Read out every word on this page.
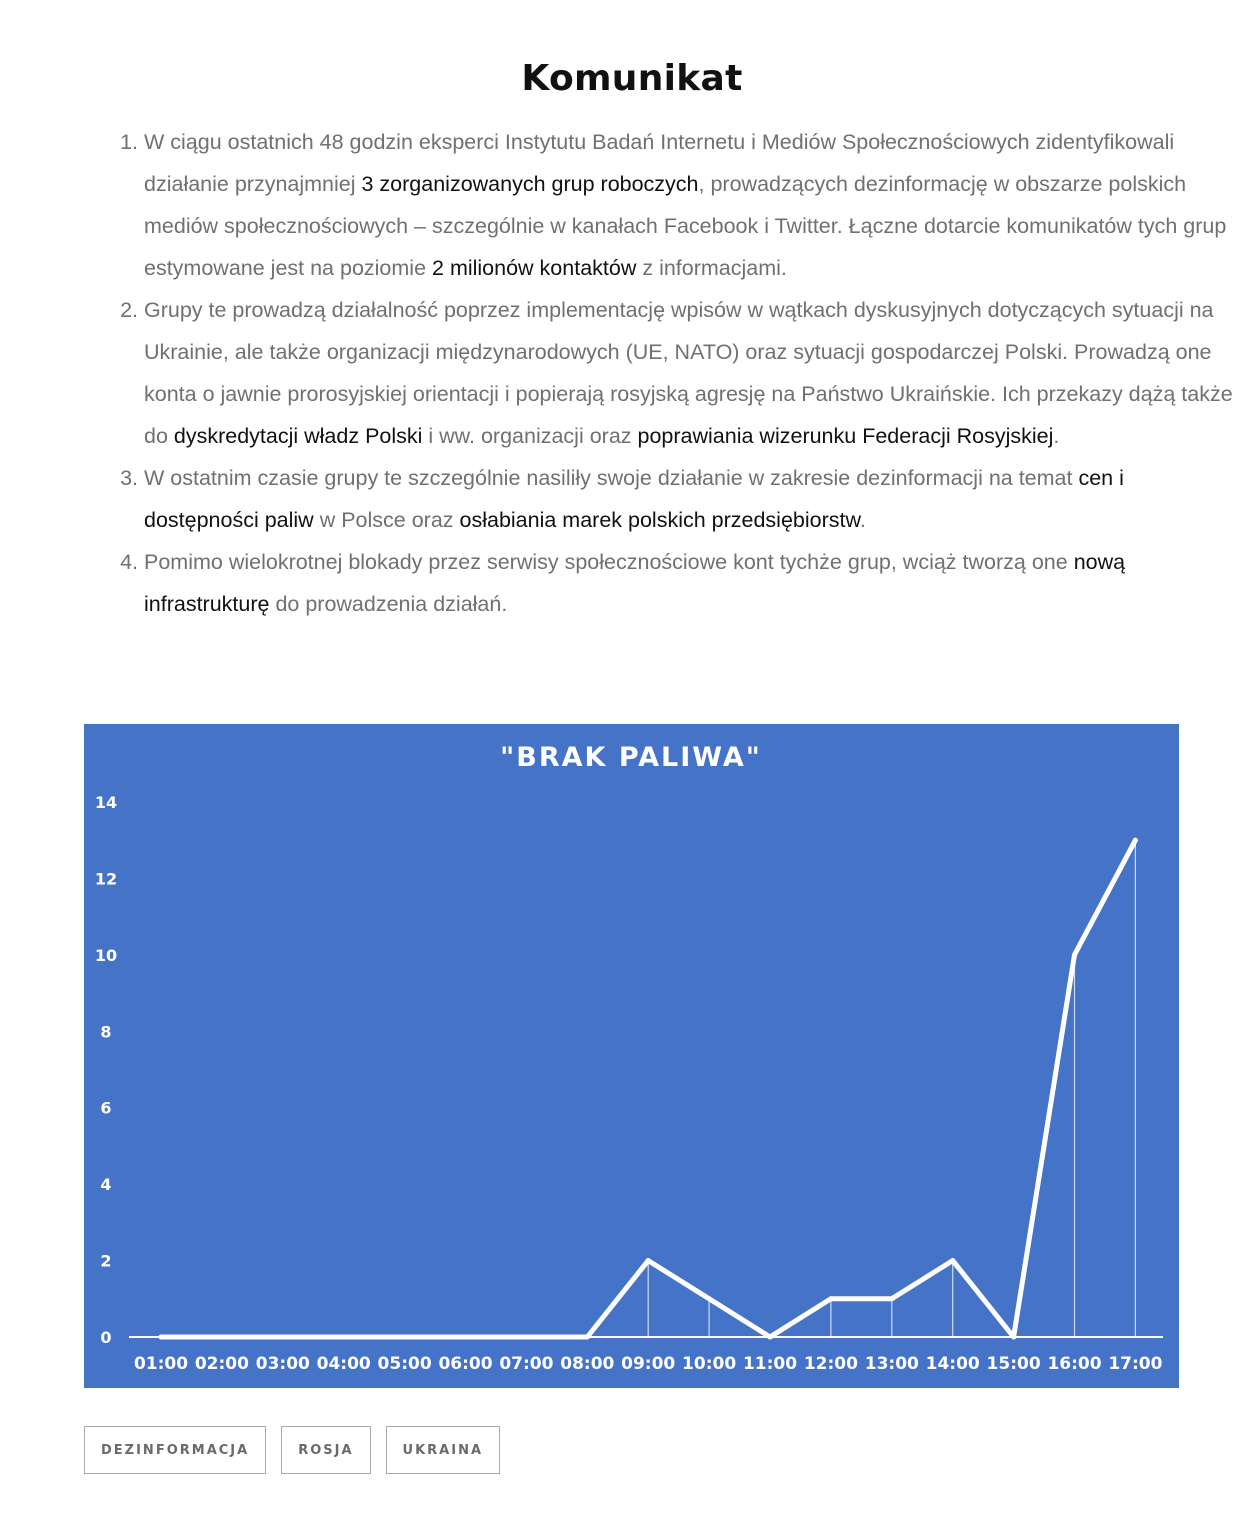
Komunikat
1. W ciągu ostatnich 48 godzin eksperci Instytutu Badań Internetu i Mediów Społecznościowych zidentyfikowali działanie przynajmniej 3 zorganizowanych grup roboczych, prowadzących dezinformację w obszarze polskich mediów społecznościowych – szczególnie w kanałach Facebook i Twitter. Łączne dotarcie komunikatów tych grup estymowane jest na poziomie 2 milionów kontaktów z informacjami.
2. Grupy te prowadzą działalność poprzez implementację wpisów w wątkach dyskusyjnych dotyczących sytuacji na Ukrainie, ale także organizacji międzynarodowych (UE, NATO) oraz sytuacji gospodarczej Polski. Prowadzą one konta o jawnie prorosyjskiej orientacji i popierają rosyjską agresję na Państwo Ukraińskie. Ich przekazy dążą także do dyskredytacji władz Polski i ww. organizacji oraz poprawiania wizerunku Federacji Rosyjskiej.
3. W ostatnim czasie grupy te szczególnie nasiliły swoje działanie w zakresie dezinformacji na temat cen i dostępności paliw w Polsce oraz osłabiania marek polskich przedsiębiorstw.
4. Pomimo wielokrotnej blokady przez serwisy społecznościowe kont tychże grup, wciąż tworzą one nową infrastrukturę do prowadzenia działań.
"BRAK PALIWA"
0
2
4
6
8
10
12
14
01:00 02:00 03:00 04:00 05:00 06:00 07:00 08:00 09:00 10:00 11:00 12:00 13:00 14:00 15:00 16:00 17:00
DEZINFORMACJA	ROSJA	UKRAINA
